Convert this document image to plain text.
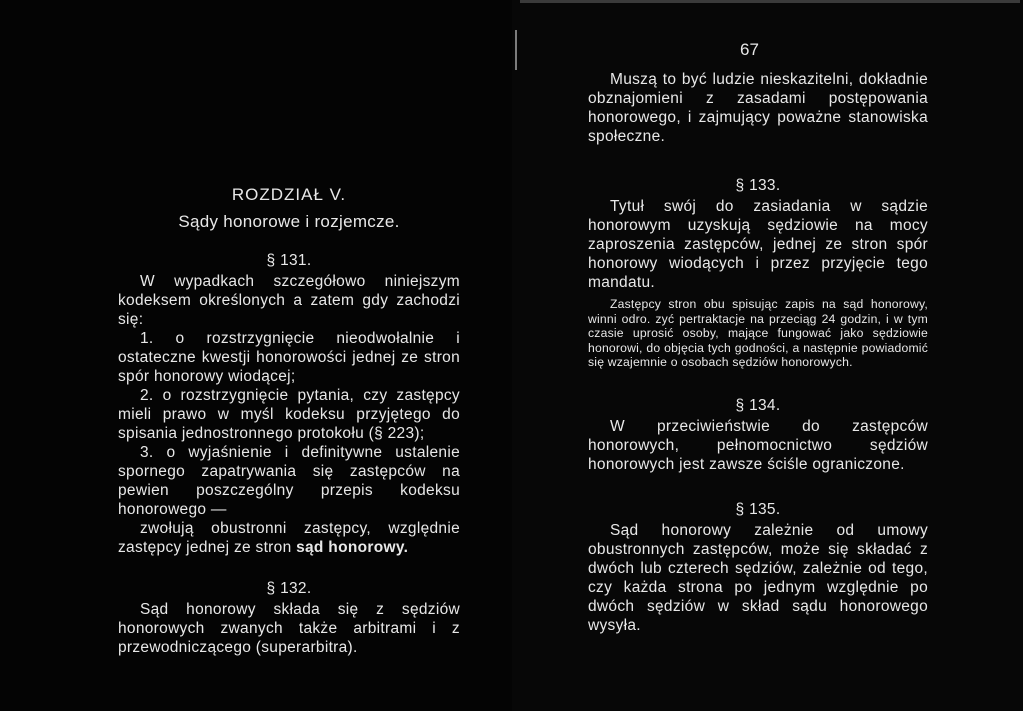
67

ROZDZIAŁ V.

Sądy honorowe i rozjemcze.

§ 131.

W wypadkach szczegółowo niniejszym kodeksem określonych a zatem gdy zachodzi się:

1. o rozstrzygnięcie nieodwołalnie i ostateczne kwestji honorowości jednej ze stron spór honorowy wiodącej;

2. o rozstrzygnięcie pytania, czy zastępcy mieli prawo w myśl kodeksu przyjętego do spisania jednostronnego protokołu (§ 223);

3. o wyjaśnienie i definitywne ustalenie spornego zapatrywania się zastępców na pewien poszczególny przepis kodeksu honorowego —

zwołują obustronni zastępcy, względnie zastępcy jednej ze stron sąd honorowy.

§ 132.

Sąd honorowy składa się z sędziów honorowych zwanych także arbitrami i z przewodniczącego (superarbitra).

Muszą to być ludzie nieskazitelni, dokładnie obznajomieni z zasadami postępowania honorowego, i zajmujący poważne stanowiska społeczne.

§ 133.

Tytuł swój do zasiadania w sądzie honorowym uzyskują sędziowie na mocy zaproszenia zastępców, jednej ze stron spór honorowy wiodących i przez przyjęcie tego mandatu.

Zastępcy stron obu spisując zapis na sąd honorowy, winni odro. zyć pertraktacje na przeciąg 24 godzin, i w tym czasie uprosić osoby, mające fungować jako sędziowie honorowi, do objęcia tych godności, a następnie powiadomić się wzajemnie o osobach sędziów honorowych.

§ 134.

W przeciwieństwie do zastępców honorowych, pełnomocnictwo sędziów honorowych jest zawsze ściśle ograniczone.

§ 135.

Sąd honorowy zależnie od umowy obustronnych zastępców, może się składać z dwóch lub czterech sędziów, zależnie od tego, czy każda strona po jednym względnie po dwóch sędziów w skład sądu honorowego wysyła.
